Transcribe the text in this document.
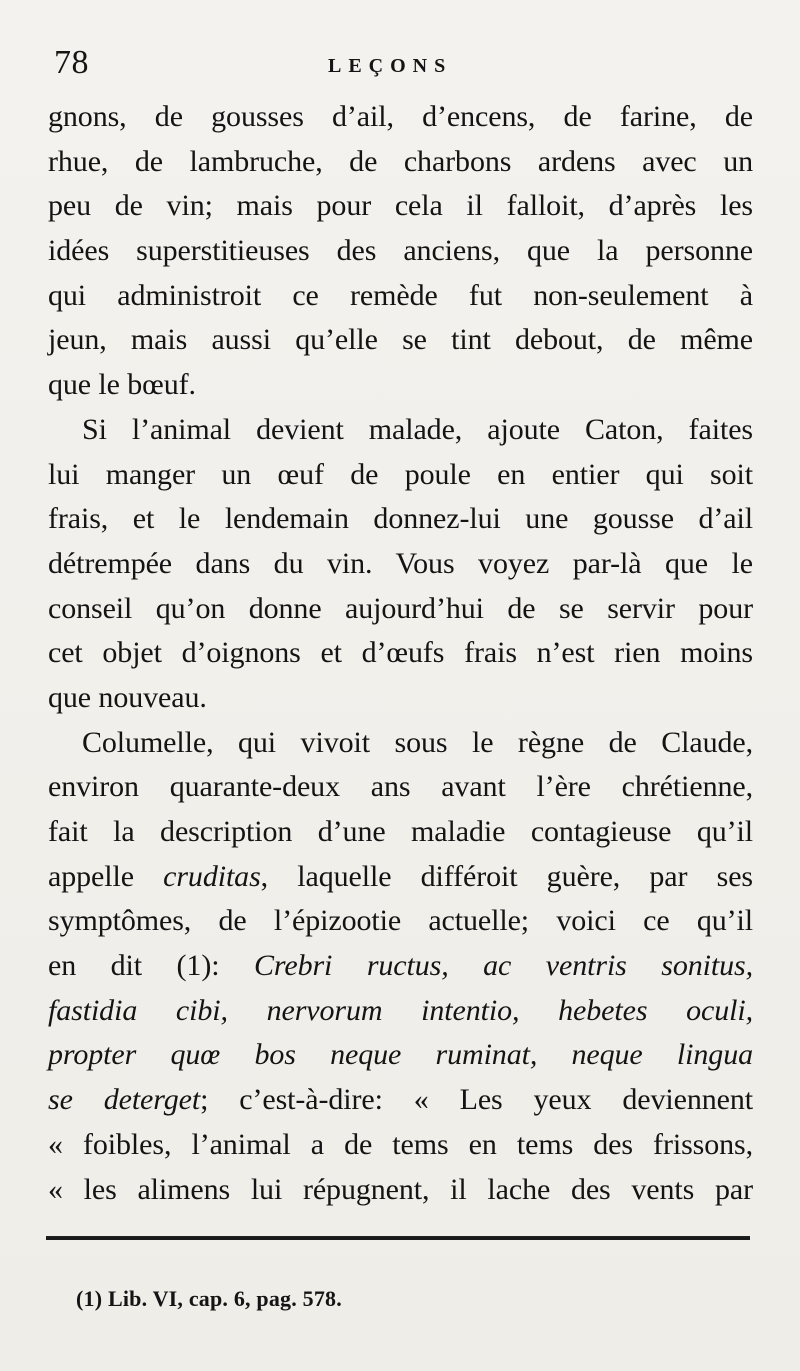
78	LEÇONS
gnons, de gousses d’ail, d’encens, de farine, de
rhue, de lambruche, de charbons ardens avec un
peu de vin; mais pour cela il falloit, d’après les
idées superstitieuses des anciens, que la personne
qui administroit ce remède fut non-seulement à
jeun, mais aussi qu’elle se tint debout, de même
que le bœuf.
Si l’animal devient malade, ajoute Caton, faites
lui manger un œuf de poule en entier qui soit
frais, et le lendemain donnez-lui une gousse d’ail
détrempée dans du vin. Vous voyez par-là que le
conseil qu’on donne aujourd’hui de se servir pour
cet objet d’oignons et d’œufs frais n’est rien moins
que nouveau.
Columelle, qui vivoit sous le règne de Claude,
environ quarante-deux ans avant l’ère chrétienne,
fait la description d’une maladie contagieuse qu’il
appelle cruditas, laquelle différoit guère, par ses
symptômes, de l’épizootie actuelle; voici ce qu’il
en dit (1): Crebri ructus, ac ventris sonitus,
fastidia cibi, nervorum intentio, hebetes oculi,
propter quœ bos neque ruminat, neque lingua
se deterget; c’est-à-dire: « Les yeux deviennent
« foibles, l’animal a de tems en tems des frissons,
« les alimens lui répugnent, il lache des vents par
(1) Lib. VI, cap. 6, pag. 578.
